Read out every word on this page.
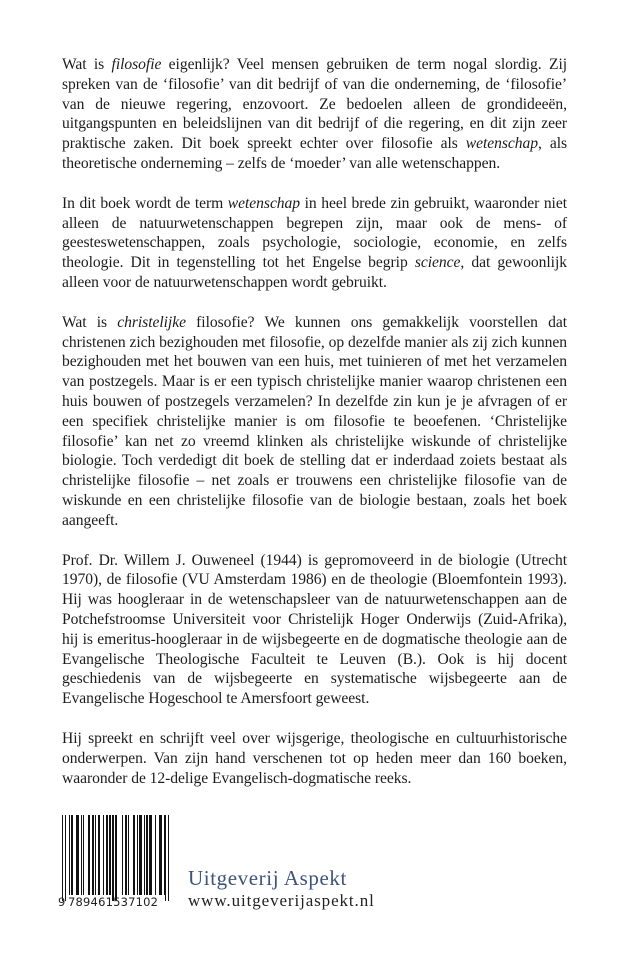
Wat is filosofie eigenlijk? Veel mensen gebruiken de term nogal slordig. Zij spreken van de ‘filosofie’ van dit bedrijf of van die onderneming, de ‘filosofie’ van de nieuwe regering, enzovoort. Ze bedoelen alleen de grondideeën, uitgangspunten en beleidslijnen van dit bedrijf of die regering, en dit zijn zeer praktische zaken. Dit boek spreekt echter over filosofie als wetenschap, als theoretische onderneming – zelfs de ‘moeder’ van alle wetenschappen.

In dit boek wordt de term wetenschap in heel brede zin gebruikt, waaronder niet alleen de natuurwetenschappen begrepen zijn, maar ook de mens- of geesteswetenschappen, zoals psychologie, sociologie, economie, en zelfs theologie. Dit in tegenstelling tot het Engelse begrip science, dat gewoonlijk alleen voor de natuurwetenschappen wordt gebruikt.

Wat is christelijke filosofie? We kunnen ons gemakkelijk voorstellen dat christenen zich bezighouden met filosofie, op dezelfde manier als zij zich kunnen bezighouden met het bouwen van een huis, met tuinieren of met het verzamelen van postzegels. Maar is er een typisch christelijke manier waarop christenen een huis bouwen of postzegels verzamelen? In dezelfde zin kun je je afvragen of er een specifiek christelijke manier is om filosofie te beoefenen. ‘Christelijke filosofie’ kan net zo vreemd klinken als christelijke wiskunde of christelijke biologie. Toch verdedigt dit boek de stelling dat er inderdaad zoiets bestaat als christelijke filosofie – net zoals er trouwens een christelijke filosofie van de wiskunde en een christelijke filosofie van de biologie bestaan, zoals het boek aangeeft.

Prof. Dr. Willem J. Ouweneel (1944) is gepromoveerd in de biologie (Utrecht 1970), de filosofie (VU Amsterdam 1986) en de theologie (Bloemfontein 1993). Hij was hoogleraar in de wetenschapsleer van de natuurwetenschappen aan de Potchefstroomse Universiteit voor Christelijk Hoger Onderwijs (Zuid-Afrika), hij is emeritus-hoogleraar in de wijsbegeerte en de dogmatische theologie aan de Evangelische Theologische Faculteit te Leuven (B.). Ook is hij docent geschiedenis van de wijsbegeerte en systematische wijsbegeerte aan de Evangelische Hogeschool te Amersfoort geweest.

Hij spreekt en schrijft veel over wijsgerige, theologische en cultuurhistorische onderwerpen. Van zijn hand verschenen tot op heden meer dan 160 boeken, waaronder de 12-delige Evangelisch-dogmatische reeks.

9 789461537102
Uitgeverij Aspekt
www.uitgeverijaspekt.nl
